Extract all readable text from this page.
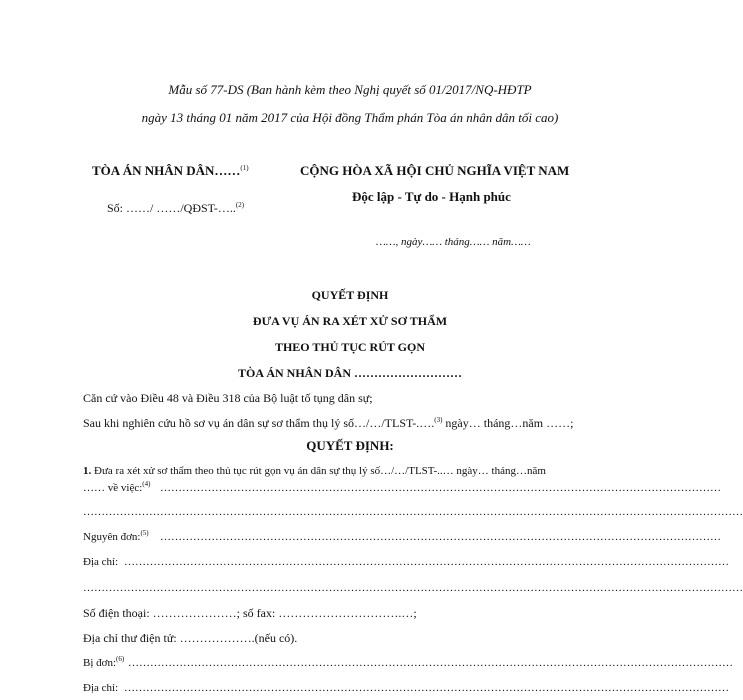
Mẫu số 77-DS (Ban hành kèm theo Nghị quyết số 01/2017/NQ-HĐTP
ngày 13 tháng 01 năm 2017 của Hội đồng Thẩm phán Tòa án nhân dân tối cao)
TÒA ÁN NHÂN DÂN……$^{(1)}$
Số: ……/ ……/QĐST-…..$^{(2)}$
CỘNG HÒA XÃ HỘI CHỦ NGHĨA VIỆT NAM
Độc lập - Tự do - Hạnh phúc
……, ngày…… tháng…… năm……
QUYẾT ĐỊNH
ĐƯA VỤ ÁN RA XÉT XỬ SƠ THẨM
THEO THỦ TỤC RÚT GỌN
TÒA ÁN NHÂN DÂN ………………………
Căn cứ vào Điều 48 và Điều 318 của Bộ luật tố tụng dân sự;
Sau khi nghiên cứu hồ sơ vụ án dân sự sơ thẩm thụ lý số…/…/TLST-.….$^{(3)}$ ngày… tháng…năm ……;
QUYẾT ĐỊNH:
1. Đưa ra xét xử sơ thẩm theo thủ tục rút gọn vụ án dân sự thụ lý số…/…/TLST-..… ngày… tháng…năm
…… về việc:$^{(4)}$ ………………………………………………………………………………………………………………………………………
………………………………………………………………………………………………………………………………………………………………
Nguyên đơn:$^{(5)}$ ………………………………………………………………………………………………………………………………………
Địa chỉ: …………………………………………………………………………………………………………………………………………………
………………………………………………………………………………………………………………………………………………………………
Số điện thoại: …………………; số fax: ………………………….…;
Địa chỉ thư điện tử: ……………….(nếu có).
Bị đơn:$^{(6)}$ …………………………………………………………………………………………………………………………………………………
Địa chỉ: …………………………………………………………………………………………………………………………………………………
